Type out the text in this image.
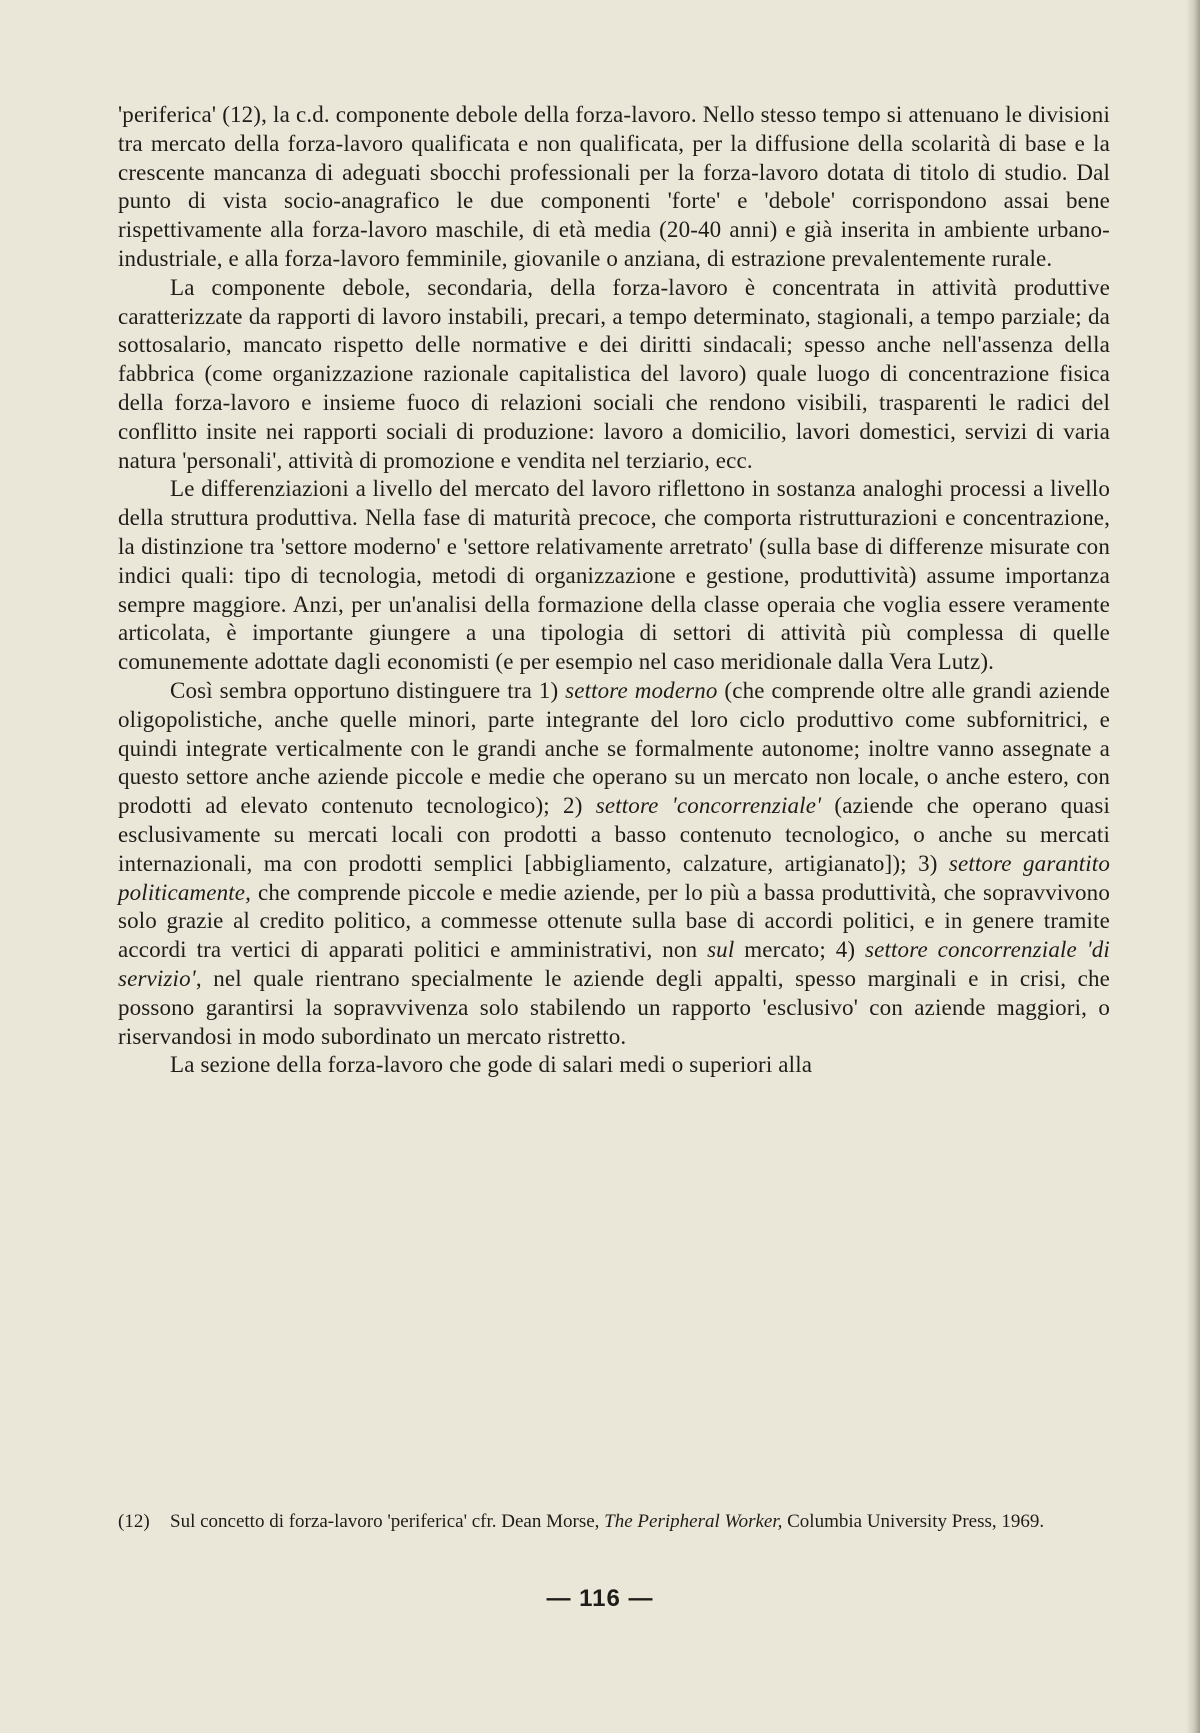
'periferica' (12), la c.d. componente debole della forza-lavoro. Nello stesso tempo si attenuano le divisioni tra mercato della forza-lavoro qualificata e non qualificata, per la diffusione della scolarità di base e la crescente mancanza di adeguati sbocchi professionali per la forza-lavoro dotata di titolo di studio. Dal punto di vista socio-anagrafico le due componenti 'forte' e 'debole' corrispondono assai bene rispettivamente alla forza-lavoro maschile, di età media (20-40 anni) e già inserita in ambiente urbano-industriale, e alla forza-lavoro femminile, giovanile o anziana, di estrazione prevalentemente rurale.

La componente debole, secondaria, della forza-lavoro è concentrata in attività produttive caratterizzate da rapporti di lavoro instabili, precari, a tempo determinato, stagionali, a tempo parziale; da sottosalario, mancato rispetto delle normative e dei diritti sindacali; spesso anche nell'assenza della fabbrica (come organizzazione razionale capitalistica del lavoro) quale luogo di concentrazione fisica della forza-lavoro e insieme fuoco di relazioni sociali che rendono visibili, trasparenti le radici del conflitto insite nei rapporti sociali di produzione: lavoro a domicilio, lavori domestici, servizi di varia natura 'personali', attività di promozione e vendita nel terziario, ecc.

Le differenziazioni a livello del mercato del lavoro riflettono in sostanza analoghi processi a livello della struttura produttiva. Nella fase di maturità precoce, che comporta ristrutturazioni e concentrazione, la distinzione tra 'settore moderno' e 'settore relativamente arretrato' (sulla base di differenze misurate con indici quali: tipo di tecnologia, metodi di organizzazione e gestione, produttività) assume importanza sempre maggiore. Anzi, per un'analisi della formazione della classe operaia che voglia essere veramente articolata, è importante giungere a una tipologia di settori di attività più complessa di quelle comunemente adottate dagli economisti (e per esempio nel caso meridionale dalla Vera Lutz).

Così sembra opportuno distinguere tra 1) settore moderno (che comprende oltre alle grandi aziende oligopolistiche, anche quelle minori, parte integrante del loro ciclo produttivo come subfornitrici, e quindi integrate verticalmente con le grandi anche se formalmente autonome; inoltre vanno assegnate a questo settore anche aziende piccole e medie che operano su un mercato non locale, o anche estero, con prodotti ad elevato contenuto tecnologico); 2) settore 'concorrenziale' (aziende che operano quasi esclusivamente su mercati locali con prodotti a basso contenuto tecnologico, o anche su mercati internazionali, ma con prodotti semplici [abbigliamento, calzature, artigianato]); 3) settore garantito politicamente, che comprende piccole e medie aziende, per lo più a bassa produttività, che sopravvivono solo grazie al credito politico, a commesse ottenute sulla base di accordi politici, e in genere tramite accordi tra vertici di apparati politici e amministrativi, non sul mercato; 4) settore concorrenziale 'di servizio', nel quale rientrano specialmente le aziende degli appalti, spesso marginali e in crisi, che possono garantirsi la sopravvivenza solo stabilendo un rapporto 'esclusivo' con aziende maggiori, o riservandosi in modo subordinato un mercato ristretto.

La sezione della forza-lavoro che gode di salari medi o superiori alla

(12) Sul concetto di forza-lavoro 'periferica' cfr. Dean Morse, The Peripheral Worker, Columbia University Press, 1969.
— 116 —
